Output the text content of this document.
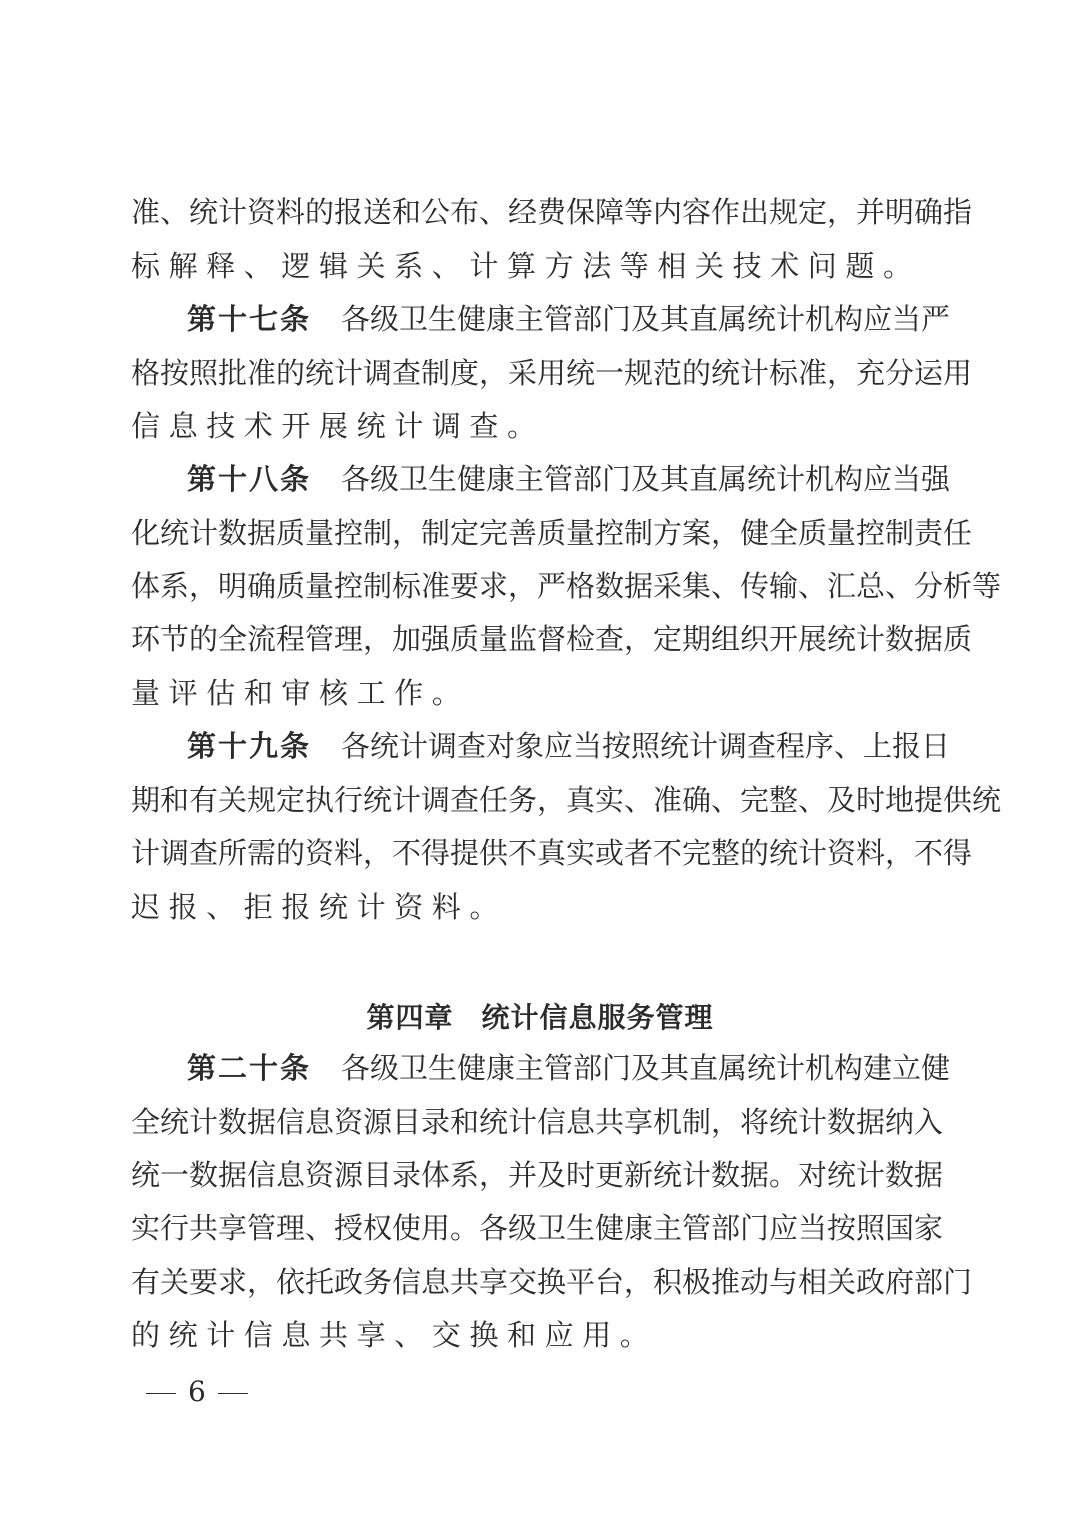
准、统计资料的报送和公布、经费保障等内容作出规定，并明确指
标解释、逻辑关系、计算方法等相关技术问题。
第十七条 各级卫生健康主管部门及其直属统计机构应当严
格按照批准的统计调查制度，采用统一规范的统计标准，充分运用
信息技术开展统计调查。
第十八条 各级卫生健康主管部门及其直属统计机构应当强
化统计数据质量控制，制定完善质量控制方案，健全质量控制责任
体系，明确质量控制标准要求，严格数据采集、传输、汇总、分析等
环节的全流程管理，加强质量监督检查，定期组织开展统计数据质
量评估和审核工作。
第十九条 各统计调查对象应当按照统计调查程序、上报日
期和有关规定执行统计调查任务，真实、准确、完整、及时地提供统
计调查所需的资料，不得提供不真实或者不完整的统计资料，不得
迟报、拒报统计资料。
第四章 统计信息服务管理
第二十条 各级卫生健康主管部门及其直属统计机构建立健
全统计数据信息资源目录和统计信息共享机制，将统计数据纳入
统一数据信息资源目录体系，并及时更新统计数据。对统计数据
实行共享管理、授权使用。各级卫生健康主管部门应当按照国家
有关要求，依托政务信息共享交换平台，积极推动与相关政府部门
的统计信息共享、交换和应用。
6
